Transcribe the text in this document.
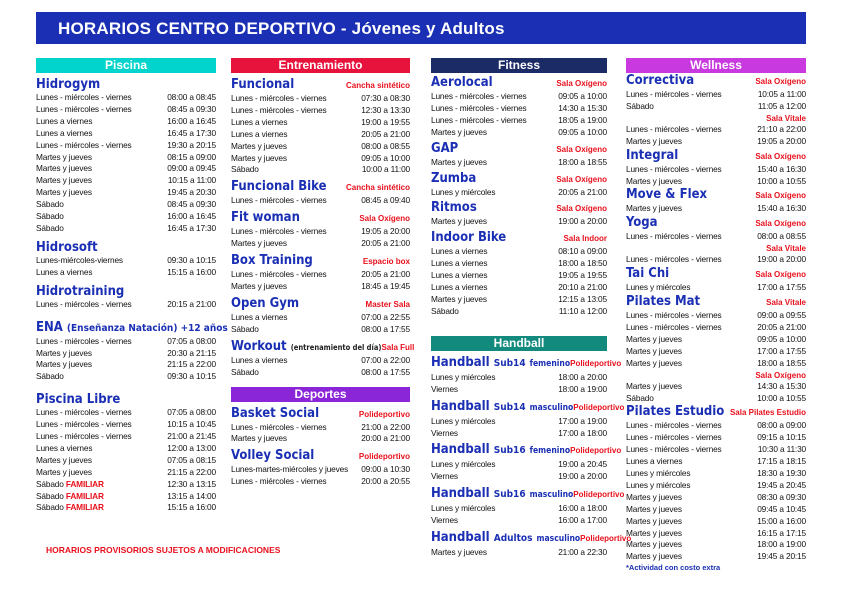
HORARIOS CENTRO DEPORTIVO - Jóvenes y Adultos
Piscina
Hidrogym
Lunes - miércoles - viernes	08:00 a 08:45
Lunes - miércoles - viernes	08:45 a 09:30
Lunes a viernes	16:00 a 16:45
Lunes a viernes	16:45 a 17:30
Lunes - miércoles - viernes	19:30 a 20:15
Martes y jueves	08:15 a 09:00
Martes y jueves	09:00 a 09:45
Martes y jueves	10:15 a 11:00
Martes y jueves	19:45 a 20:30
Sábado	08:45 a 09:30
Sábado	16:00 a 16:45
Sábado	16:45 a 17:30
Hidrosoft
Lunes-miércoles-viernes	09:30 a 10:15
Lunes a viernes	15:15 a 16:00
Hidrotraining
Lunes - miércoles - viernes	20:15 a 21:00
ENA (Enseñanza Natación) +12 años
Lunes - miércoles - viernes	07:05 a 08:00
Martes y jueves	20:30 a 21:15
Martes y jueves	21:15 a 22:00
Sábado	09:30 a 10:15
Piscina Libre
Lunes - miércoles - viernes	07:05 a 08:00
Lunes - miércoles - viernes	10:15 a 10:45
Lunes - miércoles - viernes	21:00 a 21:45
Lunes a viernes	12:00 a 13:00
Martes y jueves	07:05 a 08:15
Martes y jueves	21:15 a 22:00
Sábado FAMILIAR	12:30 a 13:15
Sábado FAMILIAR	13:15 a 14:00
Sábado FAMILIAR	15:15 a 16:00
Entrenamiento
Funcional	Cancha sintético
Lunes - miércoles - viernes	07:30 a 08:30
Lunes - miércoles - viernes	12:30 a 13:30
Lunes a viernes	19:00 a 19:55
Lunes a viernes	20:05 a 21:00
Martes y jueves	08:00 a 08:55
Martes y jueves	09:05 a 10:00
Sábado	10:00 a 11:00
Funcional Bike Cancha sintético
Lunes - miércoles - viernes	08:45 a 09:40
Fit woman	Sala Oxígeno
Lunes - miércoles - viernes	19:05 a 20:00
Martes y jueves	20:05 a 21:00
Box Training	Espacio box
Lunes - miércoles - viernes	20:05 a 21:00
Martes y jueves	18:45 a 19:45
Open Gym	Master Sala
Lunes a viernes	07:00 a 22:55
Sábado	08:00 a 17:55
Workout (entrenamiento del día) Sala Full
Lunes a viernes	07:00 a 22:00
Sábado	08:00 a 17:55
Deportes
Basket Social	Polideportivo
Lunes - miércoles - viernes	21:00 a 22:00
Martes y jueves	20:00 a 21:00
Volley Social	Polideportivo
Lunes-martes-miércoles y jueves 09:00 a 10:30
Lunes - miércoles - viernes	20:00 a 20:55
Fitness
Aerolocal	Sala Oxígeno
Lunes - miércoles - viernes	09:05 a 10:00
Lunes - miércoles - viernes	14:30 a 15:30
Lunes - miércoles - viernes	18:05 a 19:00
Martes y jueves	09:05 a 10:00
GAP	Sala Oxígeno
Martes y jueves	18:00 a 18:55
Zumba	Sala Oxígeno
Lunes y miércoles	20:05 a 21:00
Ritmos	Sala Oxígeno
Martes y jueves	19:00 a 20:00
Indoor Bike	Sala Indoor
Lunes a viernes	08:10 a 09:00
Lunes a viernes	18:00 a 18:50
Lunes a viernes	19:05 a 19:55
Lunes a viernes	20:10 a 21:00
Martes y jueves	12:15 a 13:05
Sábado	11:10 a 12:00
Handball
Handball Sub14 femenino Polideportivo
Lunes y miércoles	18:00 a 20:00
Viernes	18:00 a 19:00
Handball Sub14 masculino Polideportivo
Lunes y miércoles	17:00 a 19:00
Viernes	17:00 a 18:00
Handball Sub16 femenino Polideportivo
Lunes y miércoles	19:00 a 20:45
Viernes	19:00 a 20:00
Handball Sub16 masculino Polideportivo
Lunes y miércoles	16:00 a 18:00
Viernes	16:00 a 17:00
Handball Adultos masculino Polideportivo
Martes y jueves	21:00 a 22:30
Wellness
Correctiva	Sala Oxígeno
Lunes - miércoles - viernes	10:05 a 11:00
Sábado	11:05 a 12:00
Sala Vitale
Lunes - miércoles - viernes	21:10 a 22:00
Martes y jueves	19:05 a 20:00
Integral	Sala Oxígeno
Lunes - miércoles - viernes	15:40 a 16:30
Martes y jueves	10:00 a 10:55
Move & Flex	Sala Oxígeno
Martes y jueves	15:40 a 16:30
Yoga	Sala Oxígeno
Lunes - miércoles - viernes	08:00 a 08:55
Sala Vitale
Lunes - miércoles - viernes	19:00 a 20:00
Tai Chi	Sala Oxígeno
Lunes y miércoles	17:00 a 17:55
Pilates Mat	Sala Vitale
Lunes - miércoles - viernes	09:00 a 09:55
Lunes - miércoles - viernes	20:05 a 21:00
Martes y jueves	09:05 a 10:00
Martes y jueves	17:00 a 17:55
Martes y jueves	18:00 a 18:55
Sala Oxígeno
Martes y jueves	14:30 a 15:30
Sábado	10:00 a 10:55
Pilates Estudio Sala Pilates Estudio
Lunes - miércoles - viernes	08:00 a 09:00
Lunes - miércoles - viernes	09:15 a 10:15
Lunes - miércoles - viernes	10:30 a 11:30
Lunes a viernes	17:15 a 18:15
Lunes y miércoles	18:30 a 19:30
Lunes y miércoles	19:45 a 20:45
Martes y jueves	08:30 a 09:30
Martes y jueves	09:45 a 10:45
Martes y jueves	15:00 a 16:00
Martes y jueves	16:15 a 17:15
Martes y jueves	18:00 a 19:00
Martes y jueves	19:45 a 20:15
*Actividad con costo extra
HORARIOS PROVISORIOS SUJETOS A MODIFICACIONES
